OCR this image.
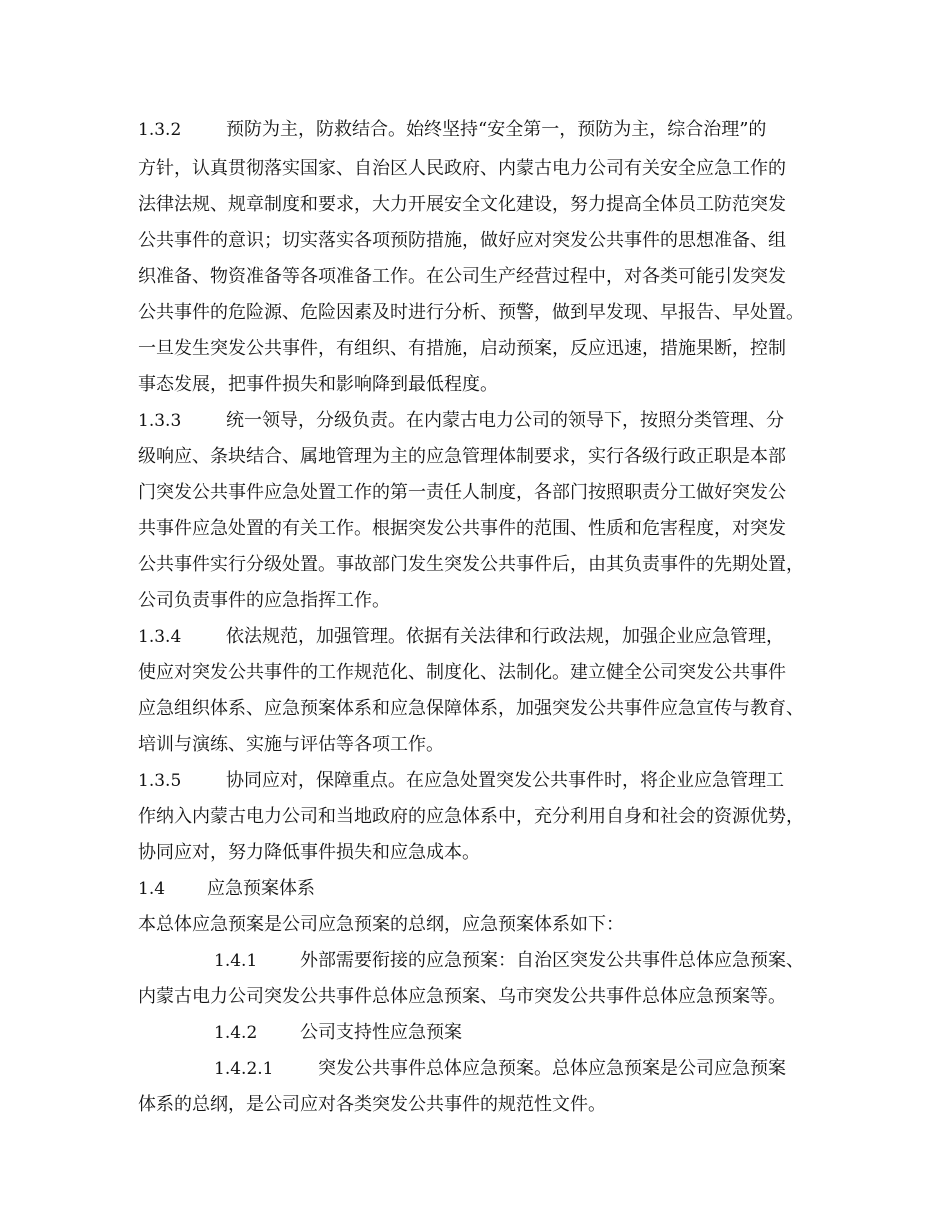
1.3.2 预防为主，防救结合。始终坚持“安全第一，预防为主，综合治理”的
方针，认真贯彻落实国家、自治区人民政府、内蒙古电力公司有关安全应急工作的
法律法规、规章制度和要求，大力开展安全文化建设，努力提高全体员工防范突发
公共事件的意识；切实落实各项预防措施，做好应对突发公共事件的思想准备、组
织准备、物资准备等各项准备工作。在公司生产经营过程中，对各类可能引发突发
公共事件的危险源、危险因素及时进行分析、预警，做到早发现、早报告、早处置。
一旦发生突发公共事件，有组织、有措施，启动预案，反应迅速，措施果断，控制
事态发展，把事件损失和影响降到最低程度。
1.3.3 统一领导，分级负责。在内蒙古电力公司的领导下，按照分类管理、分
级响应、条块结合、属地管理为主的应急管理体制要求，实行各级行政正职是本部
门突发公共事件应急处置工作的第一责任人制度，各部门按照职责分工做好突发公
共事件应急处置的有关工作。根据突发公共事件的范围、性质和危害程度，对突发
公共事件实行分级处置。事故部门发生突发公共事件后，由其负责事件的先期处置，
公司负责事件的应急指挥工作。
1.3.4 依法规范，加强管理。依据有关法律和行政法规，加强企业应急管理，
使应对突发公共事件的工作规范化、制度化、法制化。建立健全公司突发公共事件
应急组织体系、应急预案体系和应急保障体系，加强突发公共事件应急宣传与教育、
培训与演练、实施与评估等各项工作。
1.3.5 协同应对，保障重点。在应急处置突发公共事件时，将企业应急管理工
作纳入内蒙古电力公司和当地政府的应急体系中，充分利用自身和社会的资源优势，
协同应对，努力降低事件损失和应急成本。
1.4 应急预案体系
本总体应急预案是公司应急预案的总纲，应急预案体系如下：
1.4.1 外部需要衔接的应急预案：自治区突发公共事件总体应急预案、
内蒙古电力公司突发公共事件总体应急预案、乌市突发公共事件总体应急预案等。
1.4.2 公司支持性应急预案
1.4.2.1 突发公共事件总体应急预案。总体应急预案是公司应急预案
体系的总纲，是公司应对各类突发公共事件的规范性文件。
